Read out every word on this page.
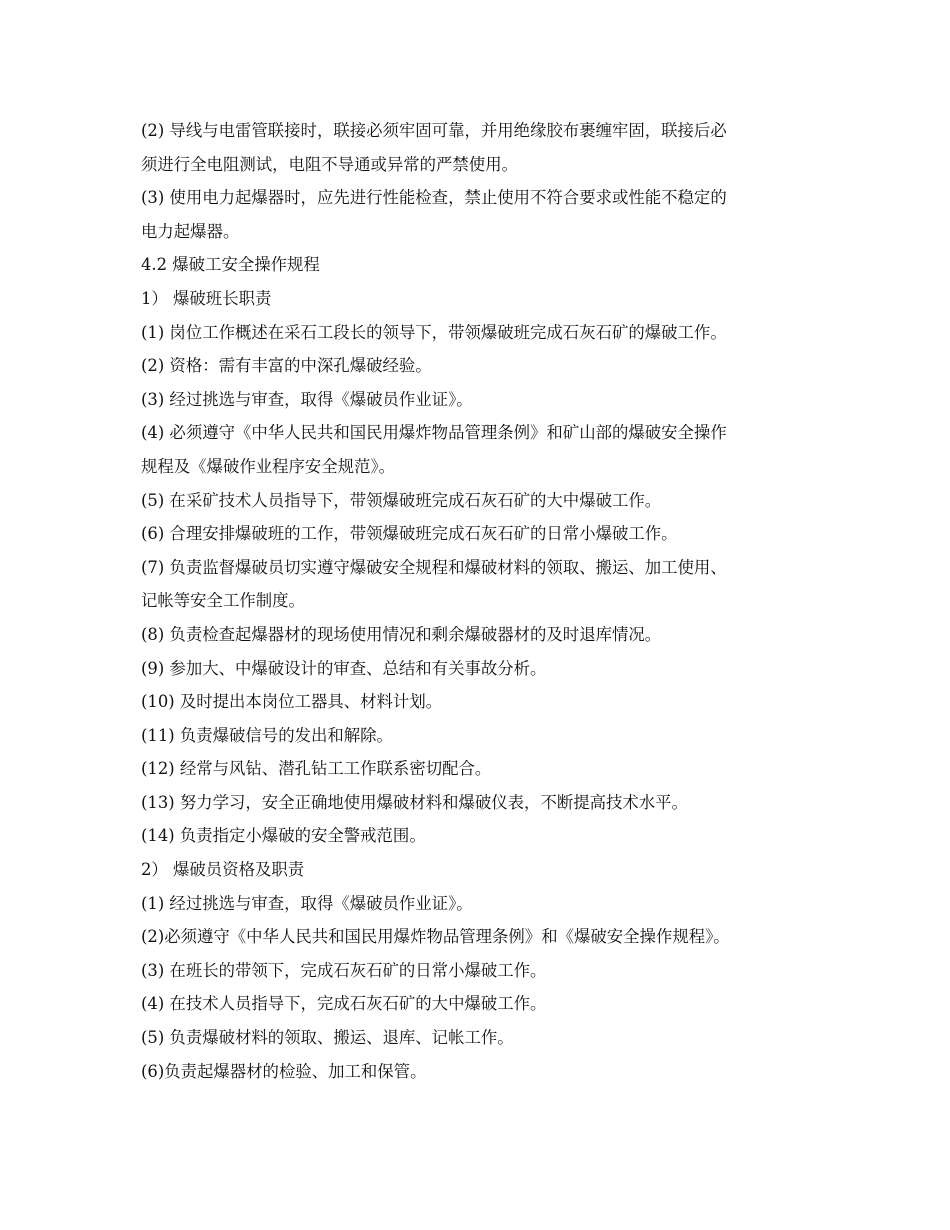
(2) 导线与电雷管联接时，联接必须牢固可靠，并用绝缘胶布裹缠牢固，联接后必
须进行全电阻测试，电阻不导通或异常的严禁使用。
(3) 使用电力起爆器时，应先进行性能检查，禁止使用不符合要求或性能不稳定的
电力起爆器。
4.2 爆破工安全操作规程
1） 爆破班长职责
(1) 岗位工作概述在采石工段长的领导下，带领爆破班完成石灰石矿的爆破工作。
(2) 资格：需有丰富的中深孔爆破经验。
(3) 经过挑选与审查，取得《爆破员作业证》。
(4) 必须遵守《中华人民共和国民用爆炸物品管理条例》和矿山部的爆破安全操作
规程及《爆破作业程序安全规范》。
(5) 在采矿技术人员指导下，带领爆破班完成石灰石矿的大中爆破工作。
(6) 合理安排爆破班的工作，带领爆破班完成石灰石矿的日常小爆破工作。
(7) 负责监督爆破员切实遵守爆破安全规程和爆破材料的领取、搬运、加工使用、
记帐等安全工作制度。
(8) 负责检查起爆器材的现场使用情况和剩余爆破器材的及时退库情况。
(9) 参加大、中爆破设计的审查、总结和有关事故分析。
(10) 及时提出本岗位工器具、材料计划。
(11) 负责爆破信号的发出和解除。
(12) 经常与风钻、潜孔钻工工作联系密切配合。
(13) 努力学习，安全正确地使用爆破材料和爆破仪表，不断提高技术水平。
(14) 负责指定小爆破的安全警戒范围。
2） 爆破员资格及职责
(1) 经过挑选与审查，取得《爆破员作业证》。
(2)必须遵守《中华人民共和国民用爆炸物品管理条例》和《爆破安全操作规程》。
(3) 在班长的带领下，完成石灰石矿的日常小爆破工作。
(4) 在技术人员指导下，完成石灰石矿的大中爆破工作。
(5) 负责爆破材料的领取、搬运、退库、记帐工作。
(6)负责起爆器材的检验、加工和保管。
